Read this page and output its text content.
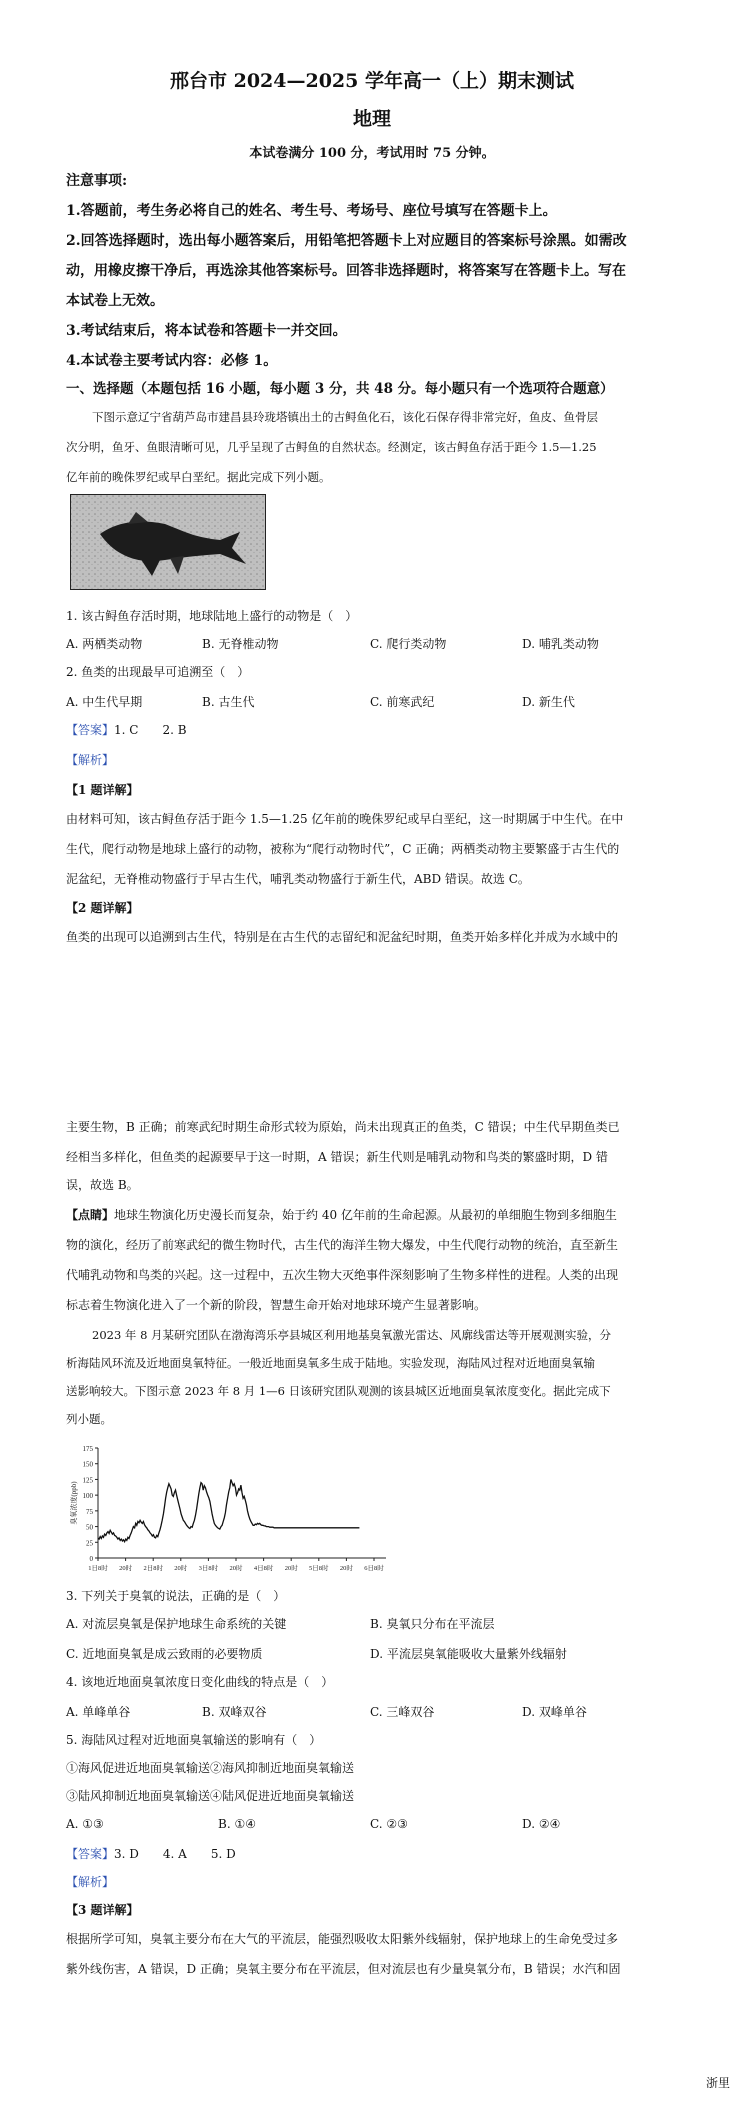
邢台市 2024—2025 学年高一（上）期末测试
地理
本试卷满分 100 分，考试用时 75 分钟。
注意事项:
1.答题前，考生务必将自己的姓名、考生号、考场号、座位号填写在答题卡上。
2.回答选择题时，选出每小题答案后，用铅笔把答题卡上对应题目的答案标号涂黑。如需改
动，用橡皮擦干净后，再选涂其他答案标号。回答非选择题时，将答案写在答题卡上。写在
本试卷上无效。
3.考试结束后，将本试卷和答题卡一并交回。
4.本试卷主要考试内容：必修 1。
一、选择题（本题包括 16 小题，每小题 3 分，共 48 分。每小题只有一个选项符合题意）
下图示意辽宁省葫芦岛市建昌县玲珑塔镇出土的古鲟鱼化石，该化石保存得非常完好，鱼皮、鱼骨层
次分明，鱼牙、鱼眼清晰可见，几乎呈现了古鲟鱼的自然状态。经测定，该古鲟鱼存活于距今 1.5—1.25
亿年前的晚侏罗纪或早白垩纪。据此完成下列小题。
1. 该古鲟鱼存活时期，地球陆地上盛行的动物是（　）
A. 两栖类动物	B. 无脊椎动物	C. 爬行类动物	D. 哺乳类动物
2. 鱼类的出现最早可追溯至（　）
A. 中生代早期	B. 古生代	C. 前寒武纪	D. 新生代
【答案】1. C　　2. B
【解析】
【1 题详解】
由材料可知，该古鲟鱼存活于距今 1.5—1.25 亿年前的晚侏罗纪或早白垩纪，这一时期属于中生代。在中
生代，爬行动物是地球上盛行的动物，被称为“爬行动物时代”，C 正确；两栖类动物主要繁盛于古生代的
泥盆纪，无脊椎动物盛行于早古生代，哺乳类动物盛行于新生代，ABD 错误。故选 C。
【2 题详解】
鱼类的出现可以追溯到古生代，特别是在古生代的志留纪和泥盆纪时期，鱼类开始多样化并成为水域中的
主要生物，B 正确；前寒武纪时期生命形式较为原始，尚未出现真正的鱼类，C 错误；中生代早期鱼类已
经相当多样化，但鱼类的起源要早于这一时期，A 错误；新生代则是哺乳动物和鸟类的繁盛时期，D 错
误，故选 B。
【点睛】地球生物演化历史漫长而复杂，始于约 40 亿年前的生命起源。从最初的单细胞生物到多细胞生
物的演化，经历了前寒武纪的微生物时代，古生代的海洋生物大爆发，中生代爬行动物的统治，直至新生
代哺乳动物和鸟类的兴起。这一过程中，五次生物大灭绝事件深刻影响了生物多样性的进程。人类的出现
标志着生物演化进入了一个新的阶段，智慧生命开始对地球环境产生显著影响。
2023 年 8 月某研究团队在渤海湾乐亭县城区利用地基臭氧激光雷达、风廓线雷达等开展观测实验，分
析海陆风环流及近地面臭氧特征。一般近地面臭氧多生成于陆地。实验发现，海陆风过程对近地面臭氧输
送影响较大。下图示意 2023 年 8 月 1—6 日该研究团队观测的该县城区近地面臭氧浓度变化。据此完成下
列小题。
0
25
50
75
100
125
150
175
臭氧浓度(ppb)
1日8时 20时 2日8时 20时 3日8时 20时 4日8时 20时 5日8时 20时 6日8时
3. 下列关于臭氧的说法，正确的是（　）
A. 对流层臭氧是保护地球生命系统的关键	B. 臭氧只分布在平流层
C. 近地面臭氧是成云致雨的必要物质	D. 平流层臭氧能吸收大量紫外线辐射
4. 该地近地面臭氧浓度日变化曲线的特点是（　）
A. 单峰单谷	B. 双峰双谷	C. 三峰双谷	D. 双峰单谷
5. 海陆风过程对近地面臭氧输送的影响有（　）
①海风促进近地面臭氧输送②海风抑制近地面臭氧输送
③陆风抑制近地面臭氧输送④陆风促进近地面臭氧输送
A. ①③	B. ①④	C. ②③	D. ②④
【答案】3. D　　4. A　　5. D
【解析】
【3 题详解】
根据所学可知，臭氧主要分布在大气的平流层，能强烈吸收太阳紫外线辐射，保护地球上的生命免受过多
紫外线伤害，A 错误，D 正确；臭氧主要分布在平流层，但对流层也有少量臭氧分布，B 错误；水汽和固
浙里
